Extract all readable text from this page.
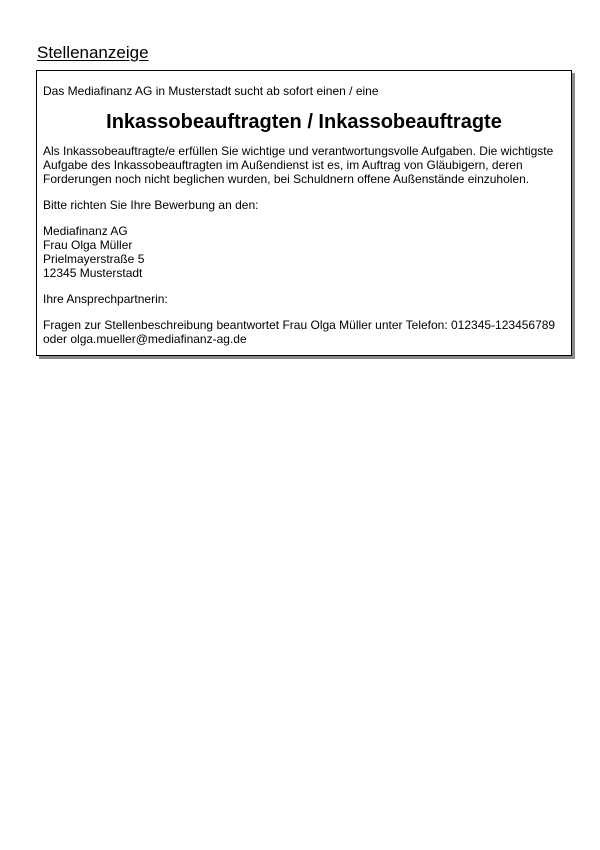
Stellenanzeige

Das Mediafinanz AG in Musterstadt sucht ab sofort einen / eine

Inkassobeauftragten / Inkassobeauftragte

Als Inkassobeauftragte/e erfüllen Sie wichtige und verantwortungsvolle Aufgaben. Die wichtigste
Aufgabe des Inkassobeauftragten im Außendienst ist es, im Auftrag von Gläubigern, deren
Forderungen noch nicht beglichen wurden, bei Schuldnern offene Außenstände einzuholen.

Bitte richten Sie Ihre Bewerbung an den:

Mediafinanz AG
Frau Olga Müller
Prielmayerstraße 5
12345 Musterstadt

Ihre Ansprechpartnerin:

Fragen zur Stellenbeschreibung beantwortet Frau Olga Müller unter Telefon: 012345-123456789
oder olga.mueller@mediafinanz-ag.de
